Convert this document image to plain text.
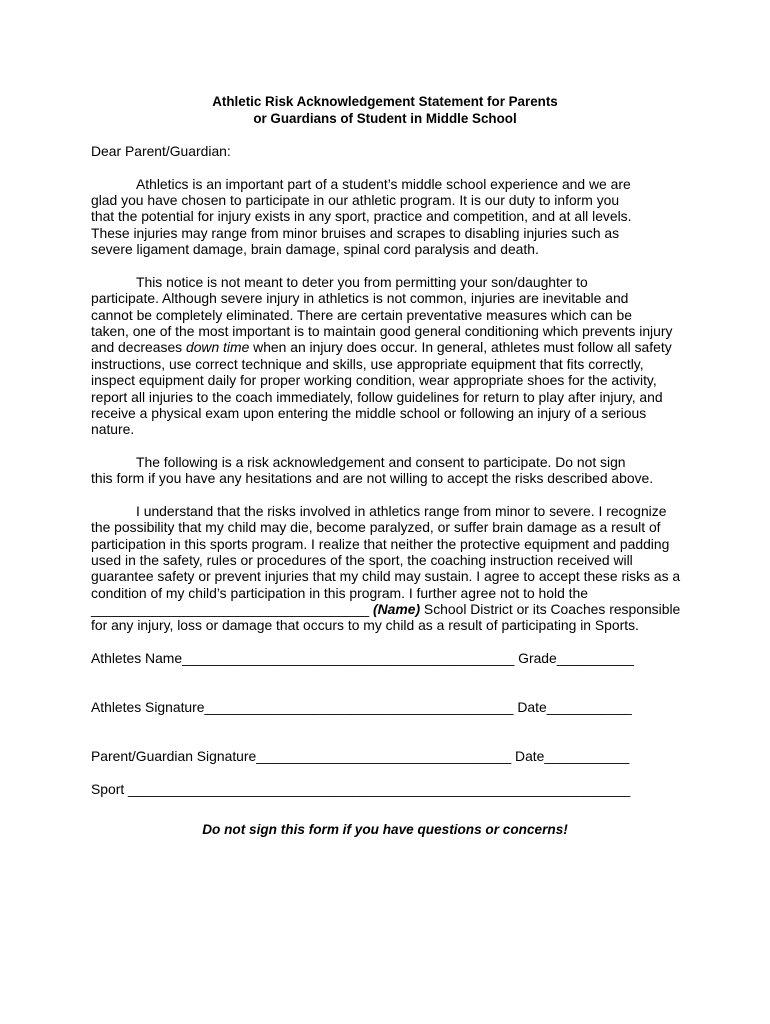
Athletic Risk Acknowledgement Statement for Parents
or Guardians of Student in Middle School
Dear Parent/Guardian:
Athletics is an important part of a student’s middle school experience and we are
glad you have chosen to participate in our athletic program. It is our duty to inform you
that the potential for injury exists in any sport, practice and competition, and at all levels.
These injuries may range from minor bruises and scrapes to disabling injuries such as
severe ligament damage, brain damage, spinal cord paralysis and death.
This notice is not meant to deter you from permitting your son/daughter to
participate. Although severe injury in athletics is not common, injuries are inevitable and
cannot be completely eliminated. There are certain preventative measures which can be
taken, one of the most important is to maintain good general conditioning which prevents injury
and decreases down time when an injury does occur. In general, athletes must follow all safety
instructions, use correct technique and skills, use appropriate equipment that fits correctly,
inspect equipment daily for proper working condition, wear appropriate shoes for the activity,
report all injuries to the coach immediately, follow guidelines for return to play after injury, and
receive a physical exam upon entering the middle school or following an injury of a serious
nature.
The following is a risk acknowledgement and consent to participate. Do not sign
this form if you have any hesitations and are not willing to accept the risks described above.
I understand that the risks involved in athletics range from minor to severe. I recognize
the possibility that my child may die, become paralyzed, or suffer brain damage as a result of
participation in this sports program. I realize that neither the protective equipment and padding
used in the safety, rules or procedures of the sport, the coaching instruction received will
guarantee safety or prevent injuries that my child may sustain. I agree to accept these risks as a
condition of my child’s participation in this program. I further agree not to hold the
____________________________________ (Name) School District or its Coaches responsible
for any injury, loss or damage that occurs to my child as a result of participating in Sports.
Athletes Name___________________________________________ Grade__________
Athletes Signature________________________________________ Date___________
Parent/Guardian Signature_________________________________ Date___________
Sport _________________________________________________________________
Do not sign this form if you have questions or concerns!
